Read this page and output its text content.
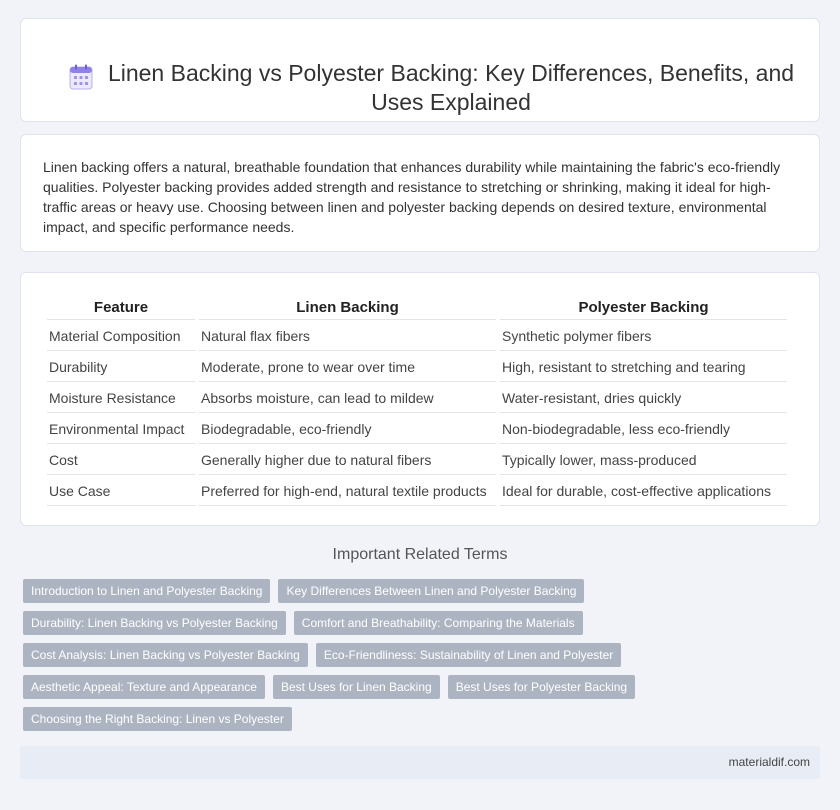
Linen Backing vs Polyester Backing: Key Differences, Benefits, and Uses Explained

Linen backing offers a natural, breathable foundation that enhances durability while maintaining the fabric's eco-friendly qualities. Polyester backing provides added strength and resistance to stretching or shrinking, making it ideal for high-traffic areas or heavy use. Choosing between linen and polyester backing depends on desired texture, environmental impact, and specific performance needs.

Feature	Linen Backing	Polyester Backing
Material Composition	Natural flax fibers	Synthetic polymer fibers
Durability	Moderate, prone to wear over time	High, resistant to stretching and tearing
Moisture Resistance	Absorbs moisture, can lead to mildew	Water-resistant, dries quickly
Environmental Impact	Biodegradable, eco-friendly	Non-biodegradable, less eco-friendly
Cost	Generally higher due to natural fibers	Typically lower, mass-produced
Use Case	Preferred for high-end, natural textile products	Ideal for durable, cost-effective applications
Important Related Terms
Introduction to Linen and Polyester Backing	Key Differences Between Linen and Polyester Backing
Durability: Linen Backing vs Polyester Backing	Comfort and Breathability: Comparing the Materials
Cost Analysis: Linen Backing vs Polyester Backing	Eco-Friendliness: Sustainability of Linen and Polyester
Aesthetic Appeal: Texture and Appearance	Best Uses for Linen Backing	Best Uses for Polyester Backing
Choosing the Right Backing: Linen vs Polyester
materialdif.com
